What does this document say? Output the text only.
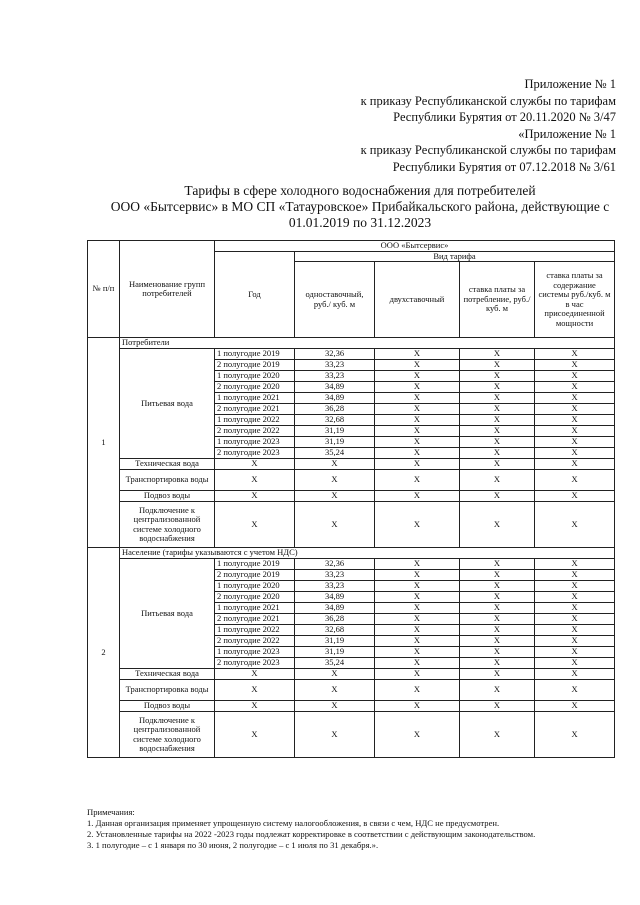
Приложение № 1
к приказу Республиканской службы по тарифам
Республики Бурятия от 20.11.2020 № 3/47
«Приложение № 1
к приказу Республиканской службы по тарифам
Республики Бурятия от 07.12.2018 № 3/61
Тарифы в сфере холодного водоснабжения для потребителей
ООО «Бытсервис» в МО СП «Татауровское» Прибайкальского района, действующие с
01.01.2019 по 31.12.2023
№ п/п	Наименование групп потребителей	ООО «Бытсервис»				
		Год	Вид тарифа			
			одноставочный, руб./ куб. м	двухставочный	ставка платы за потребление, руб./ куб. м	ставка платы за содержание системы руб./куб. м в час присоединенной мощности
1	Потребители					
	Питьевая вода	1 полугодие 2019	32,36	X	X	X
		2 полугодие 2019	33,23	X	X	X
		1 полугодие 2020	33,23	X	X	X
		2 полугодие 2020	34,89	X	X	X
		1 полугодие 2021	34,89	X	X	X
		2 полугодие 2021	36,28	X	X	X
		1 полугодие 2022	32,68	X	X	X
		2 полугодие 2022	31,19	X	X	X
		1 полугодие 2023	31,19	X	X	X
		2 полугодие 2023	35,24	X	X	X
	Техническая вода	X	X	X	X	X
	Транспортировка воды	X	X	X	X	X
	Подвоз воды	X	X	X	X	X
	Подключение к централизованной системе холодного водоснабжения	X	X	X	X	X
2	Население (тарифы указываются с учетом НДС)					
	Питьевая вода	1 полугодие 2019	32,36	X	X	X
		2 полугодие 2019	33,23	X	X	X
		1 полугодие 2020	33,23	X	X	X
		2 полугодие 2020	34,89	X	X	X
		1 полугодие 2021	34,89	X	X	X
		2 полугодие 2021	36,28	X	X	X
		1 полугодие 2022	32,68	X	X	X
		2 полугодие 2022	31,19	X	X	X
		1 полугодие 2023	31,19	X	X	X
		2 полугодие 2023	35,24	X	X	X
	Техническая вода	X	X	X	X	X
	Транспортировка воды	X	X	X	X	X
	Подвоз воды	X	X	X	X	X
	Подключение к централизованной системе холодного водоснабжения	X	X	X	X	X
Примечания:
1. Данная организация применяет упрощенную систему налогообложения, в связи с чем, НДС не предусмотрен.
2. Установленные тарифы на 2022 -2023 годы подлежат корректировке в соответствии с действующим законодательством.
3. 1 полугодие – с 1 января по 30 июня, 2 полугодие – с 1 июля по 31 декабря.».
